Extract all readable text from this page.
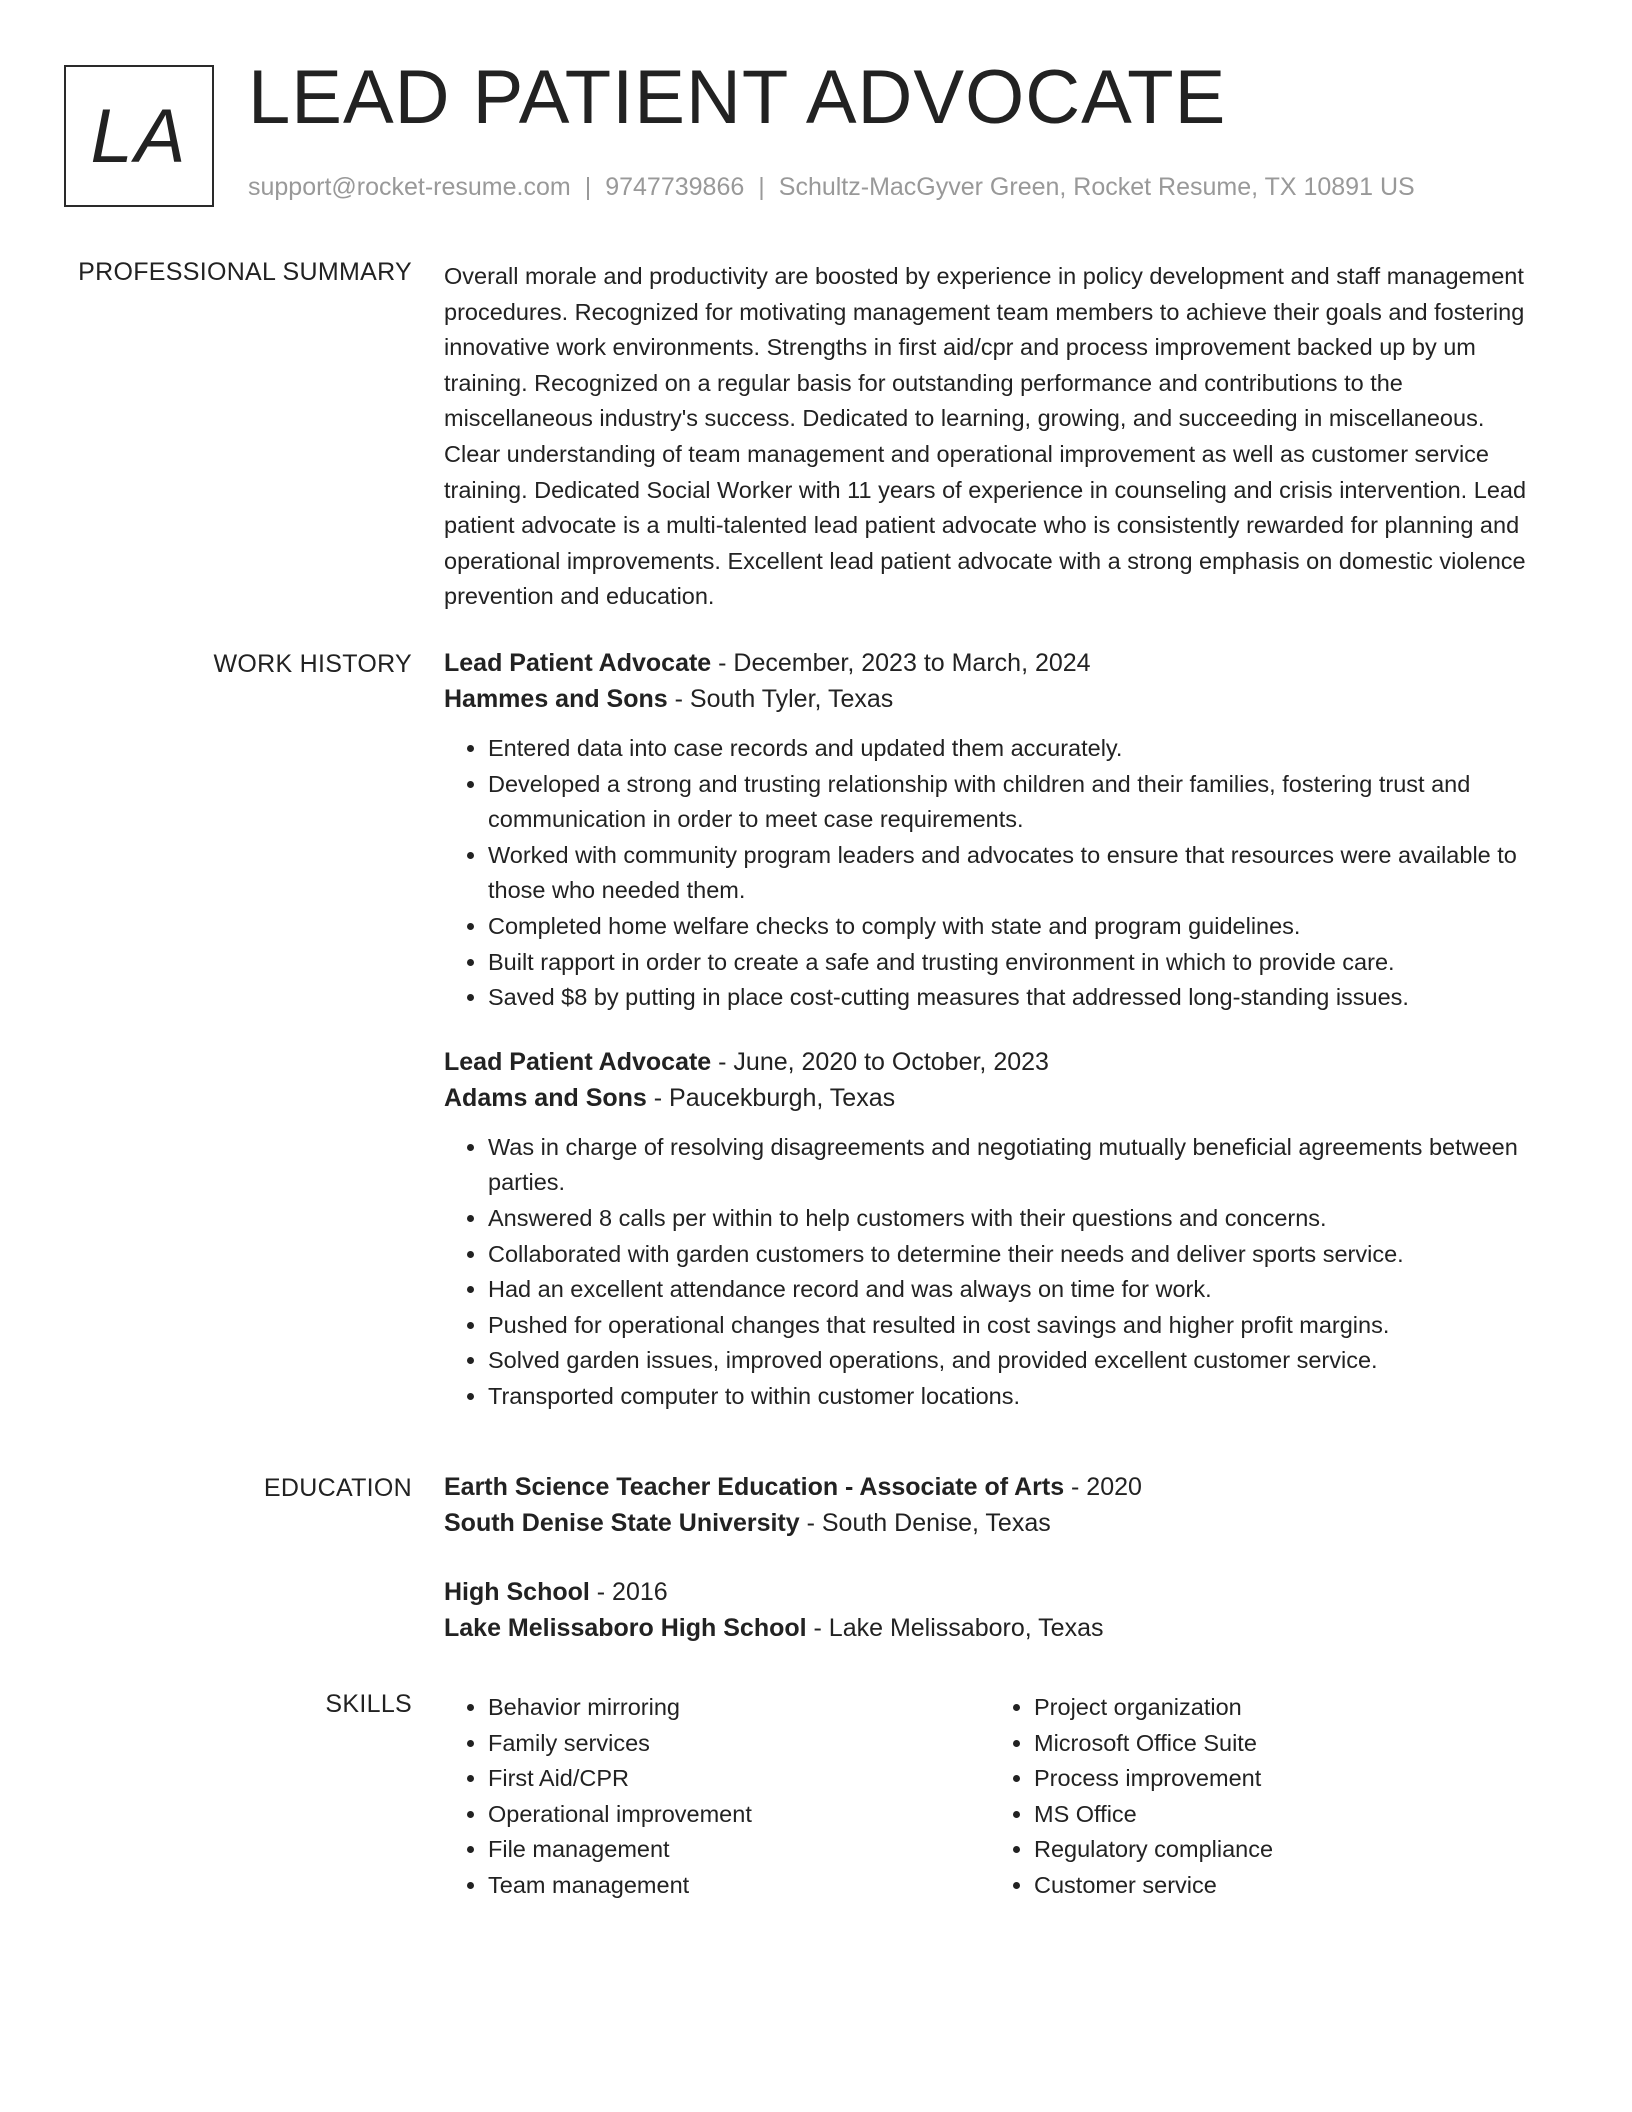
LA LEAD PATIENT ADVOCATE
support@rocket-resume.com | 9747739866 | Schultz-MacGyver Green, Rocket Resume, TX 10891 US
PROFESSIONAL SUMMARY Overall morale and productivity are boosted by experience in policy development and staff management procedures. Recognized for motivating management team members to achieve their goals and fostering innovative work environments. Strengths in first aid/cpr and process improvement backed up by um training. Recognized on a regular basis for outstanding performance and contributions to the miscellaneous industry's success. Dedicated to learning, growing, and succeeding in miscellaneous. Clear understanding of team management and operational improvement as well as customer service training. Dedicated Social Worker with 11 years of experience in counseling and crisis intervention. Lead patient advocate is a multi-talented lead patient advocate who is consistently rewarded for planning and operational improvements. Excellent lead patient advocate with a strong emphasis on domestic violence prevention and education.
WORK HISTORY Lead Patient Advocate - December, 2023 to March, 2024
Hammes and Sons - South Tyler, Texas
• Entered data into case records and updated them accurately.
• Developed a strong and trusting relationship with children and their families, fostering trust and communication in order to meet case requirements.
• Worked with community program leaders and advocates to ensure that resources were available to those who needed them.
• Completed home welfare checks to comply with state and program guidelines.
• Built rapport in order to create a safe and trusting environment in which to provide care.
• Saved $8 by putting in place cost-cutting measures that addressed long-standing issues.
Lead Patient Advocate - June, 2020 to October, 2023
Adams and Sons - Paucekburgh, Texas
• Was in charge of resolving disagreements and negotiating mutually beneficial agreements between parties.
• Answered 8 calls per within to help customers with their questions and concerns.
• Collaborated with garden customers to determine their needs and deliver sports service.
• Had an excellent attendance record and was always on time for work.
• Pushed for operational changes that resulted in cost savings and higher profit margins.
• Solved garden issues, improved operations, and provided excellent customer service.
• Transported computer to within customer locations.
EDUCATION Earth Science Teacher Education - Associate of Arts - 2020
South Denise State University - South Denise, Texas
High School - 2016
Lake Melissaboro High School - Lake Melissaboro, Texas
SKILLS
•	Behavior mirroring
• Family services
• First Aid/CPR
• Operational improvement
• File management
• Team management
• Project organization
• Microsoft Office Suite
• Process improvement
• MS Office
• Regulatory compliance
• Customer service
